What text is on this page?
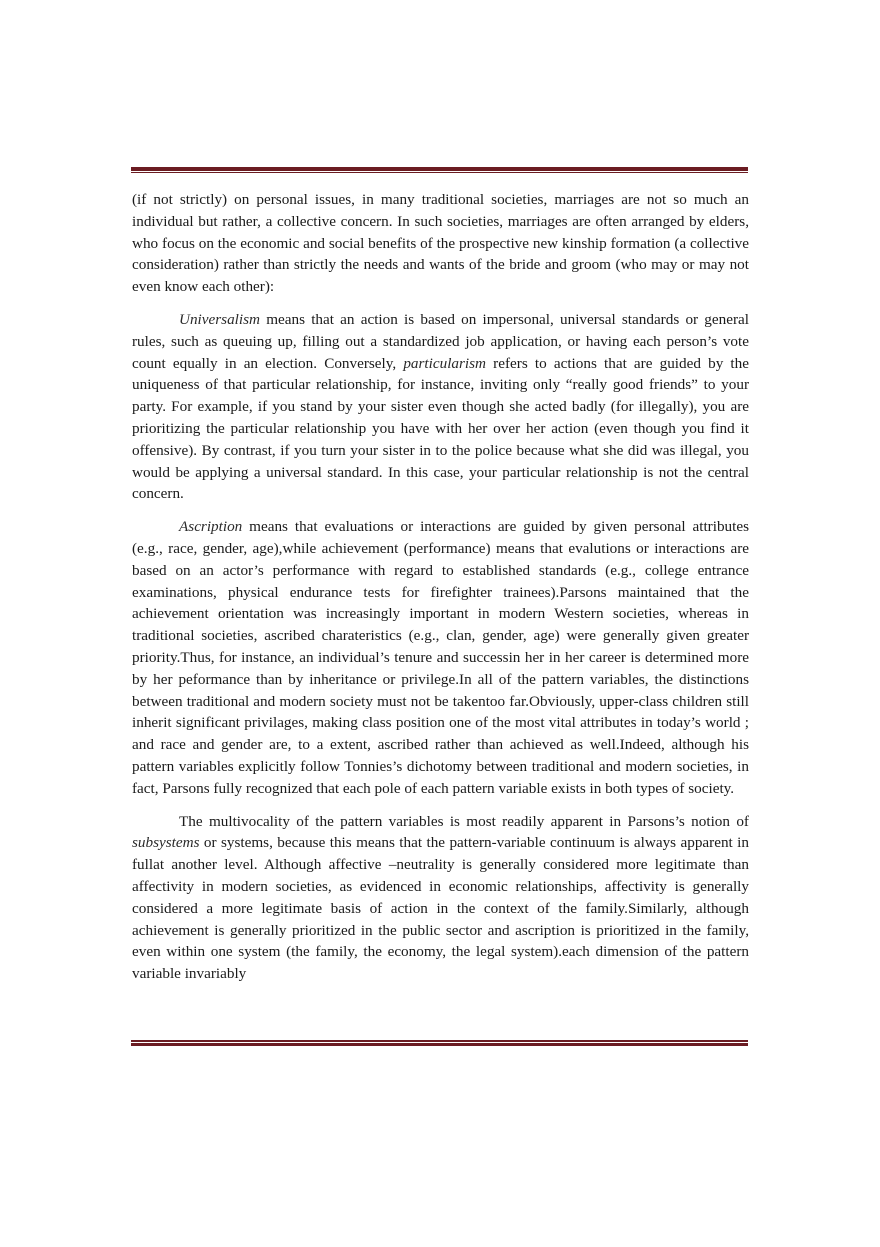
(if not strictly) on personal issues, in many traditional societies, marriages are not so much an individual but rather, a collective concern. In such societies, marriages are often arranged by elders, who focus on the economic and social benefits of the prospective new kinship formation (a collective consideration) rather than strictly the needs and wants of the bride and groom (who may or may not even know each other):

Universalism means that an action is based on impersonal, universal standards or general rules, such as queuing up, filling out a standardized job application, or having each person’s vote count equally in an election. Conversely, particularism refers to actions that are guided by the uniqueness of that particular relationship, for instance, inviting only “really good friends” to your party. For example, if you stand by your sister even though she acted badly (for illegally), you are prioritizing the particular relationship you have with her over her action (even though you find it offensive). By contrast, if you turn your sister in to the police because what she did was illegal, you would be applying a universal standard. In this case, your particular relationship is not the central concern.

Ascription means that evaluations or interactions are guided by given personal attributes (e.g., race, gender, age),while achievement (performance) means that evalutions or interactions are based on an actor’s performance with regard to established standards (e.g., college entrance examinations, physical endurance tests for firefighter trainees).Parsons maintained that the achievement orientation was increasingly important in modern Western societies, whereas in traditional societies, ascribed charateristics (e.g., clan, gender, age) were generally given greater priority.Thus, for instance, an individual’s tenure and successin her in her career is determined more by her peformance than by inheritance or privilege.In all of the pattern variables, the distinctions between traditional and modern society must not be takentoo far.Obviously, upper-class children still inherit significant privilages, making class position one of the most vital attributes in today’s world ; and race and gender are, to a extent, ascribed rather than achieved as well.Indeed, although his pattern variables explicitly follow Tonnies’s dichotomy between traditional and modern societies, in fact, Parsons fully recognized that each pole of each pattern variable exists in both types of society.

The multivocality of the pattern variables is most readily apparent in Parsons’s notion of subsystems or systems, because this means that the pattern-variable continuum is always apparent in fullat another level. Although affective –neutrality is generally considered more legitimate than affectivity in modern societies, as evidenced in economic relationships, affectivity is generally considered a more legitimate basis of action in the context of the family.Similarly, although achievement is generally prioritized in the public sector and ascription is prioritized in the family, even within one system (the family, the economy, the legal system).each dimension of the pattern variable invariably
